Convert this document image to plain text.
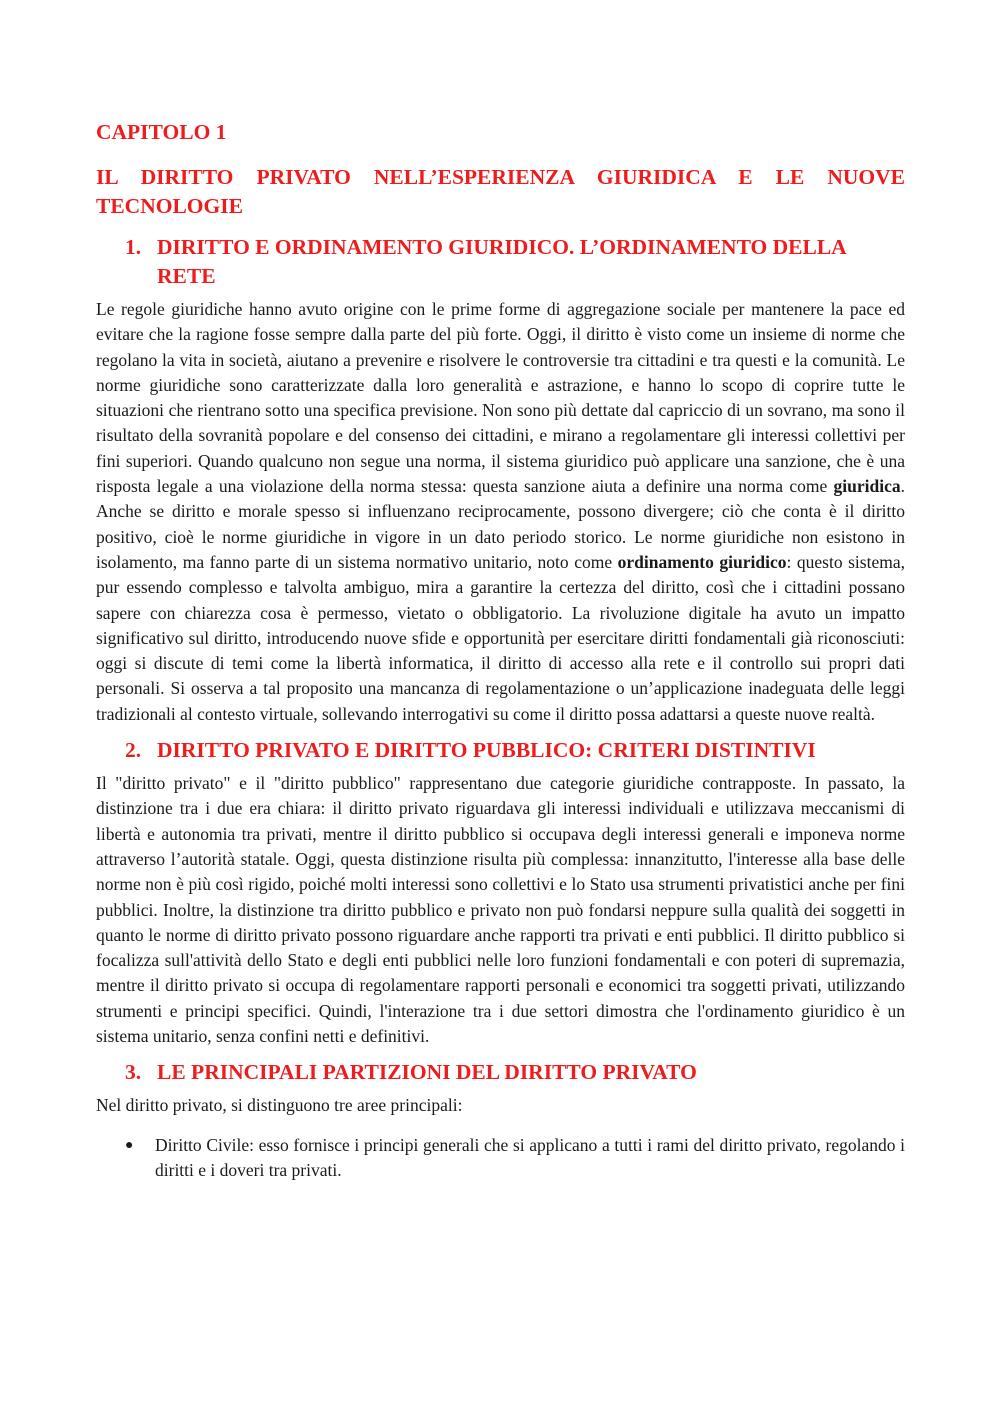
CAPITOLO 1
IL DIRITTO PRIVATO NELL’ESPERIENZA GIURIDICA E LE NUOVE TECNOLOGIE
1. DIRITTO E ORDINAMENTO GIURIDICO. L’ORDINAMENTO DELLA RETE

Le regole giuridiche hanno avuto origine con le prime forme di aggregazione sociale per mantenere la pace ed evitare che la ragione fosse sempre dalla parte del più forte. Oggi, il diritto è visto come un insieme di norme che regolano la vita in società, aiutano a prevenire e risolvere le controversie tra cittadini e tra questi e la comunità. Le norme giuridiche sono caratterizzate dalla loro generalità e astrazione, e hanno lo scopo di coprire tutte le situazioni che rientrano sotto una specifica previsione. Non sono più dettate dal capriccio di un sovrano, ma sono il risultato della sovranità popolare e del consenso dei cittadini, e mirano a regolamentare gli interessi collettivi per fini superiori. Quando qualcuno non segue una norma, il sistema giuridico può applicare una sanzione, che è una risposta legale a una violazione della norma stessa: questa sanzione aiuta a definire una norma come giuridica. Anche se diritto e morale spesso si influenzano reciprocamente, possono divergere; ciò che conta è il diritto positivo, cioè le norme giuridiche in vigore in un dato periodo storico. Le norme giuridiche non esistono in isolamento, ma fanno parte di un sistema normativo unitario, noto come ordinamento giuridico: questo sistema, pur essendo complesso e talvolta ambiguo, mira a garantire la certezza del diritto, così che i cittadini possano sapere con chiarezza cosa è permesso, vietato o obbligatorio. La rivoluzione digitale ha avuto un impatto significativo sul diritto, introducendo nuove sfide e opportunità per esercitare diritti fondamentali già riconosciuti: oggi si discute di temi come la libertà informatica, il diritto di accesso alla rete e il controllo sui propri dati personali. Si osserva a tal proposito una mancanza di regolamentazione o un’applicazione inadeguata delle leggi tradizionali al contesto virtuale, sollevando interrogativi su come il diritto possa adattarsi a queste nuove realtà.

2. DIRITTO PRIVATO E DIRITTO PUBBLICO: CRITERI DISTINTIVI

Il "diritto privato" e il "diritto pubblico" rappresentano due categorie giuridiche contrapposte. In passato, la distinzione tra i due era chiara: il diritto privato riguardava gli interessi individuali e utilizzava meccanismi di libertà e autonomia tra privati, mentre il diritto pubblico si occupava degli interessi generali e imponeva norme attraverso l’autorità statale. Oggi, questa distinzione risulta più complessa: innanzitutto, l'interesse alla base delle norme non è più così rigido, poiché molti interessi sono collettivi e lo Stato usa strumenti privatistici anche per fini pubblici. Inoltre, la distinzione tra diritto pubblico e privato non può fondarsi neppure sulla qualità dei soggetti in quanto le norme di diritto privato possono riguardare anche rapporti tra privati e enti pubblici. Il diritto pubblico si focalizza sull'attività dello Stato e degli enti pubblici nelle loro funzioni fondamentali e con poteri di supremazia, mentre il diritto privato si occupa di regolamentare rapporti personali e economici tra soggetti privati, utilizzando strumenti e principi specifici. Quindi, l'interazione tra i due settori dimostra che l'ordinamento giuridico è un sistema unitario, senza confini netti e definitivi.

3. LE PRINCIPALI PARTIZIONI DEL DIRITTO PRIVATO

Nel diritto privato, si distinguono tre aree principali:

● Diritto Civile: esso fornisce i principi generali che si applicano a tutti i rami del diritto privato, regolando i diritti e i doveri tra privati.
